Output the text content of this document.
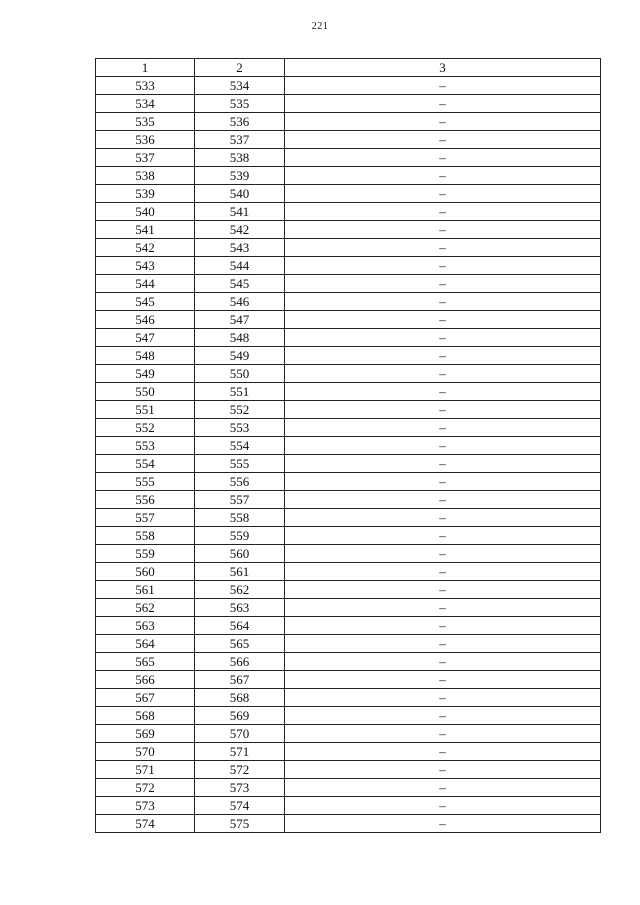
221
1	2	3
533	534	–
534	535	–
535	536	–
536	537	–
537	538	–
538	539	–
539	540	–
540	541	–
541	542	–
542	543	–
543	544	–
544	545	–
545	546	–
546	547	–
547	548	–
548	549	–
549	550	–
550	551	–
551	552	–
552	553	–
553	554	–
554	555	–
555	556	–
556	557	–
557	558	–
558	559	–
559	560	–
560	561	–
561	562	–
562	563	–
563	564	–
564	565	–
565	566	–
566	567	–
567	568	–
568	569	–
569	570	–
570	571	–
571	572	–
572	573	–
573	574	–
574	575	–
